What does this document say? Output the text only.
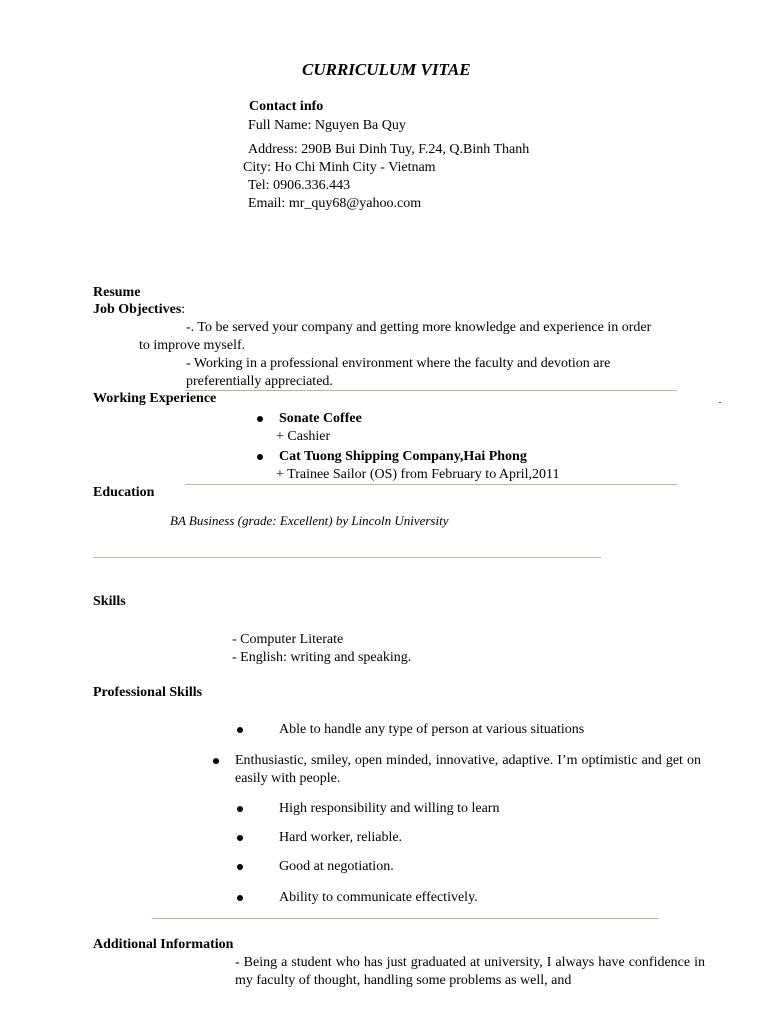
CURRICULUM VITAE
Contact info
Full Name: Nguyen Ba Quy
Address: 290B Bui Dinh Tuy, F.24, Q.Binh Thanh
City: Ho Chi Minh City - Vietnam
Tel: 0906.336.443
Email: mr_quy68@yahoo.com
Resume
Job Objectives:
-. To be served your company and getting more knowledge and experience in order
to improve myself.
- Working in a professional environment where the faculty and devotion are
preferentially appreciated.
Working Experience
Sonate Coffee
+ Cashier
Cat Tuong Shipping Company,Hai Phong
+ Trainee Sailor (OS) from February to April,2011
Education
BA Business (grade: Excellent) by Lincoln University
Skills
- Computer Literate
- English: writing and speaking.
Professional Skills
Able to handle any type of person at various situations
Enthusiastic, smiley, open minded, innovative, adaptive. I’m optimistic and get on easily with people.
High responsibility and willing to learn
Hard worker, reliable.
Good at negotiation.
Ability to communicate effectively.
Additional Information
- Being a student who has just graduated at university, I always have confidence in my faculty of thought, handling some problems as well, and
